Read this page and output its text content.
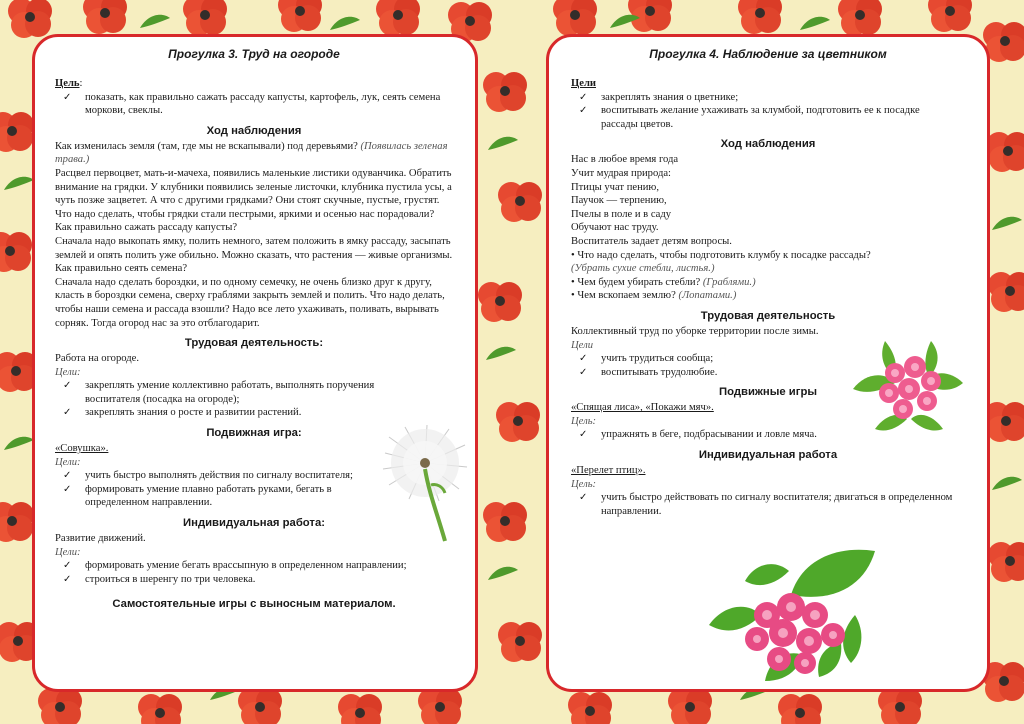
Прогулка 3. Труд на огороде
Цель:
✓ показать, как правильно сажать рассаду капусты, картофель, лук, сеять семена моркови, свеклы.
Ход наблюдения
Как изменилась земля (там, где мы не вскапывали) под деревьями? (Появилась зеленая трава.)
Расцвел первоцвет, мать-и-мачеха, появились маленькие листики одуванчика. Обратить внимание на грядки. У клубники появились зеленые листочки, клубника пустила усы, а чуть позже зацветет. А что с другими грядками? Они стоят скучные, пустые, грустят. Что надо сделать, чтобы грядки стали пестрыми, яркими и осенью нас порадовали? Как правильно сажать рассаду капусты?
Сначала надо выкопать ямку, полить немного, затем положить в ямку рассаду, засыпать землей и опять полить уже обильно. Можно сказать, что растения — живые организмы. Как правильно сеять семена?
Сначала надо сделать бороздки, и по одному семечку, не очень близко друг к другу, класть в бороздки семена, сверху граблями закрыть землей и полить. Что надо делать, чтобы наши семена и рассада взошли? Надо все лето ухаживать, поливать, вырывать сорняк. Тогда огород нас за это отблагодарит.
Трудовая деятельность:
Работа на огороде.
Цели:
✓ закреплять умение коллективно работать, выполнять поручения воспитателя (посадка на огороде);
✓ закреплять знания о росте и развитии растений.
Подвижная игра:
«Совушка».
Цели:
✓ учить быстро выполнять действия по сигналу воспитателя;
✓ формировать умение плавно работать руками, бегать в определенном направлении.
Индивидуальная работа:
Развитие движений.
Цели:
✓ формировать умение бегать врассыпную в определенном направлении;
✓ строиться в шеренгу по три человека.
Самостоятельные игры с выносным материалом.
Прогулка 4. Наблюдение за цветником
Цели
✓ закреплять знания о цветнике;
✓ воспитывать желание ухаживать за клумбой, подготовить ее к посадке рассады цветов.
Ход наблюдения
Нас в любое время года
Учит мудрая природа:
Птицы учат пению,
Паучок — терпению,
Пчелы в поле и в саду
Обучают нас труду.
Воспитатель задает детям вопросы.
• Что надо сделать, чтобы подготовить клумбу к посадке рассады?
(Убрать сухие стебли, листья.)
• Чем будем убирать стебли? (Граблями.)
• Чем вскопаем землю? (Лопатами.)
Трудовая деятельность
Коллективный труд по уборке территории после зимы.
Цели
✓ учить трудиться сообща;
✓ воспитывать трудолюбие.
Подвижные игры
«Спящая лиса», «Покажи мяч».
Цель:
✓ упражнять в беге, подбрасывании и ловле мяча.
Индивидуальная работа
«Перелет птиц».
Цель:
✓ учить быстро действовать по сигналу воспитателя; двигаться в определенном направлении.
